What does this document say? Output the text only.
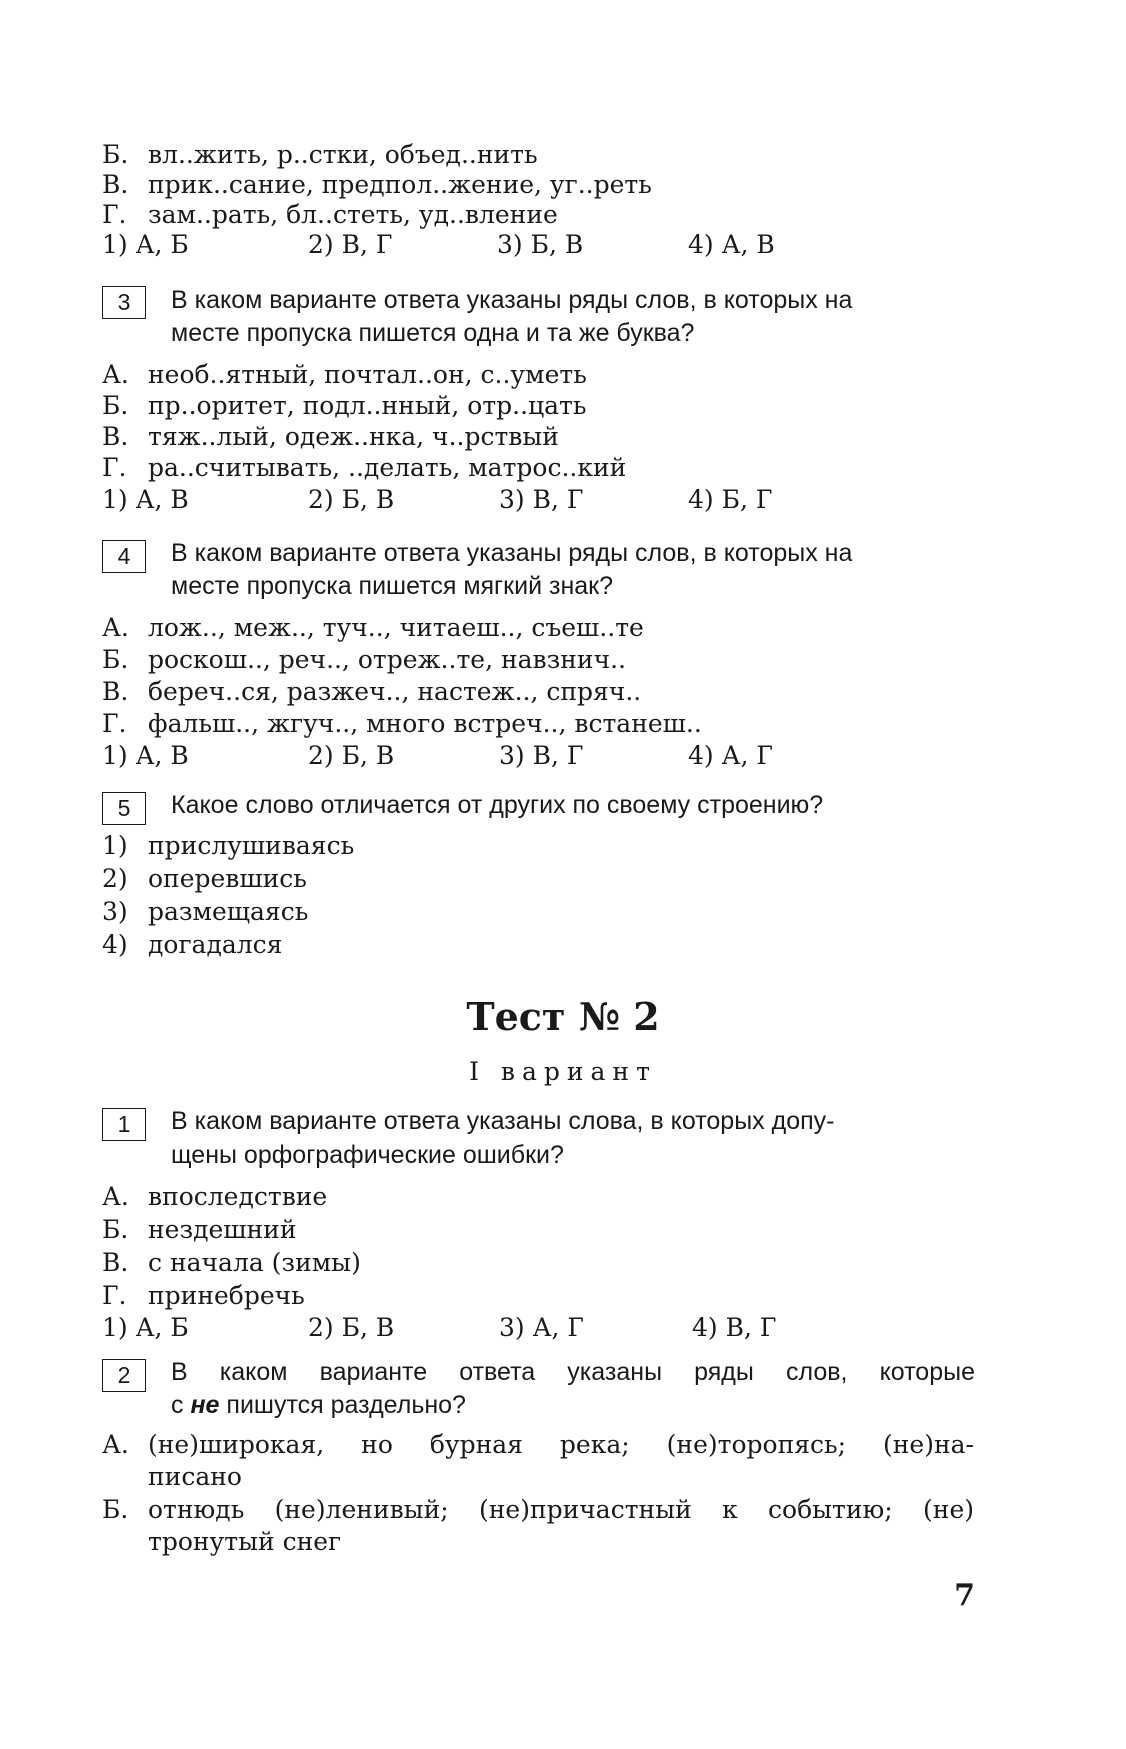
Б. вл..жить, р..стки, объед..нить
В. прик..сание, предпол..жение, уг..реть
Г. зам..рать, бл..стеть, уд..вление
1) А, Б	2) В, Г	3) Б, В	4) А, В
3	В каком варианте ответа указаны ряды слов, в которых на
месте пропуска пишется одна и та же буква?
А. необ..ятный, почтал..он, с..уметь
Б. пр..оритет, подл..нный, отр..цать
В. тяж..лый, одеж..нка, ч..рствый
Г. ра..считывать, ..делать, матрос..кий
1) А, В	2) Б, В	3) В, Г	4) Б, Г
4	В каком варианте ответа указаны ряды слов, в которых на
месте пропуска пишется мягкий знак?
А. лож.., меж.., туч.., читаеш.., съеш..те
Б. роскош.., реч.., отреж..те, навзнич..
В. береч..ся, разжеч.., настеж.., спряч..
Г. фальш.., жгуч.., много встреч.., встанеш..
1) А, В	2) Б, В	3) В, Г	4) А, Г
5	Какое слово отличается от других по своему строению?
1) прислушиваясь
2) оперевшись
3) размещаясь
4) догадался
Тест № 2
I вариант
1	В каком варианте ответа указаны слова, в которых допу-
щены орфографические ошибки?
А. впоследствие
Б. нездешний
В. с начала (зимы)
Г. принебречь
1) А, Б	2) Б, В	3) А, Г	4) В, Г
2	В каком варианте ответа указаны ряды слов, которые
с не пишутся раздельно?
А. (не)широкая, но бурная река; (не)торопясь; (не)на-
писано
Б. отнюдь (не)ленивый; (не)причастный к событию; (не)
тронутый снег
7
